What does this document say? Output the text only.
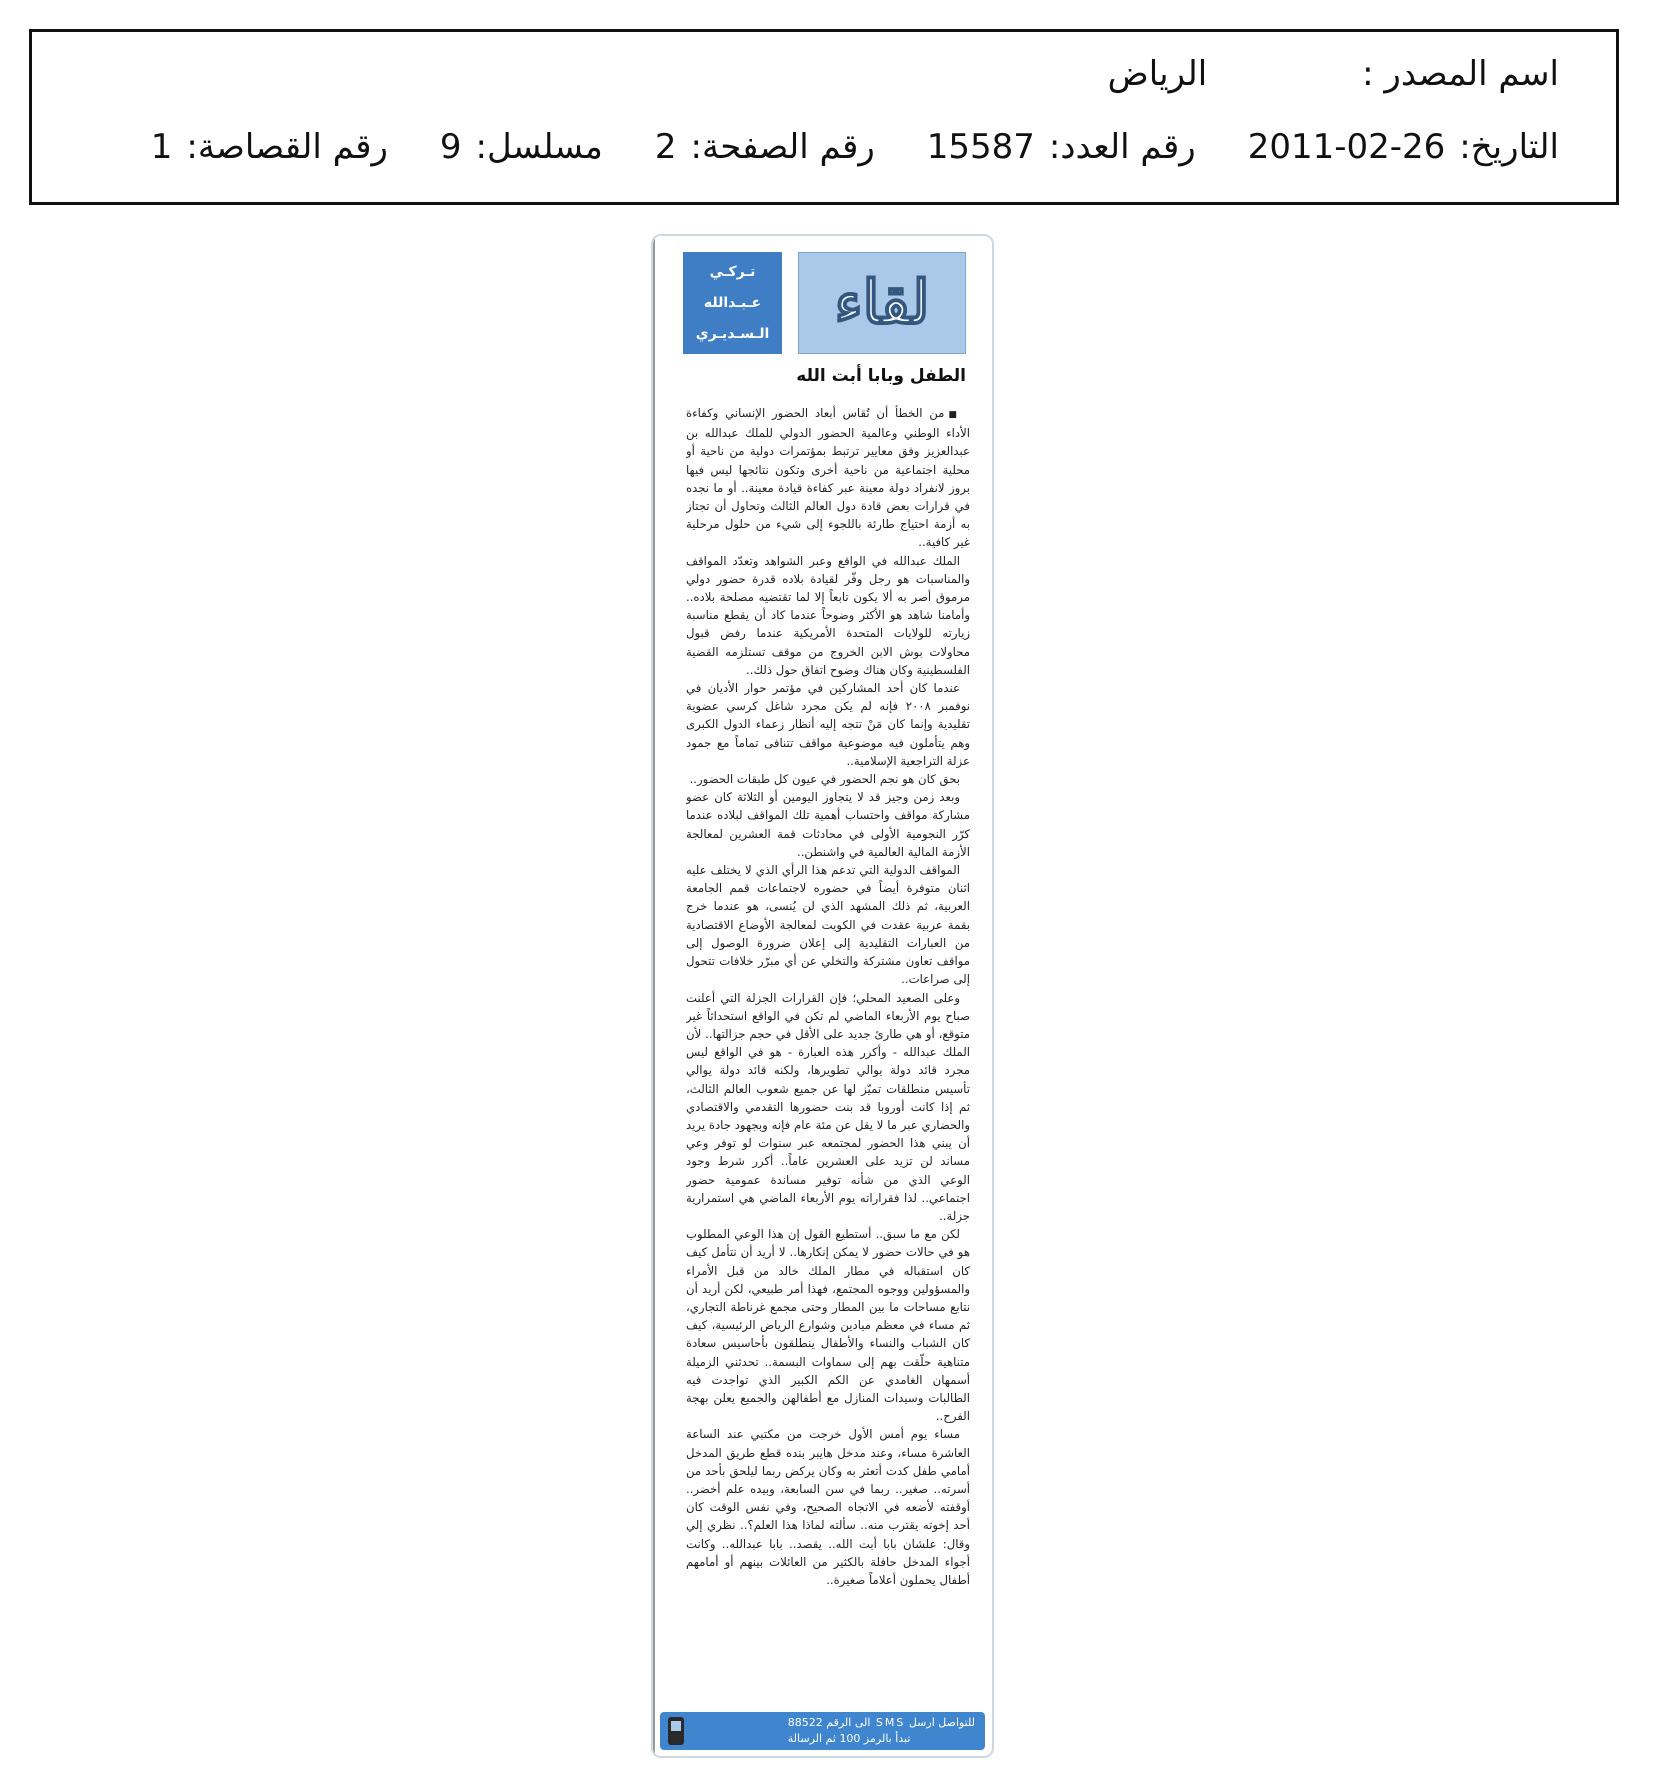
اسم المصدر :
الرياض
التاريخ:
2011-02-26
رقم العدد:
15587
رقم الصفحة:
2
مسلسل:
9
رقم القصاصة:
1
لقاء
تـركـي
عـبـدالله
الـسـديـري
الطفل وبابا أبت الله

■من الخطأ أن تُقاس أبعاد الحضور الإنساني وكفاءة الأداء الوطني وعالمية الحضور الدولي للملك عبدالله بن عبدالعزيز وفق معايير ترتبط بمؤتمرات دولية من ناحية أو محلية اجتماعية من ناحية أخرى وتكون نتائجها ليس فيها بروز لانفراد دولة معينة عبر كفاءة قيادة معينة.. أو ما نجده في قرارات بعض قادة دول العالم الثالث وتحاول أن تجتاز به أزمة احتياج طارئة باللجوء إلى شيء من حلول مرحلية غير كافية..

الملك عبدالله في الواقع وعبر الشواهد وتعدّد المواقف والمناسبات هو رجل وفّر لقيادة بلاده قدرة حضور دولي مرموق أصر به ألا يكون تابعاً إلا لما تقتضيه مصلحة بلاده.. وأمامنا شاهد هو الأكثر وضوحاً عندما كاد أن يقطع مناسبة زيارته للولايات المتحدة الأمريكية عندما رفض قبول محاولات بوش الابن الخروج من موقف تستلزمه القضية الفلسطينية وكان هناك وضوح اتفاق حول ذلك..

عندما كان أحد المشاركين في مؤتمر حوار الأديان في نوفمبر ٢٠٠٨ فإنه لم يكن مجرد شاغل كرسي عضوية تقليدية وإنما كان مَنْ تتجه إليه أنظار زعماء الدول الكبرى وهم يتأملون فيه موضوعية مواقف تتنافى تماماً مع جمود عزلة التراجعية الإسلامية..

بحق كان هو نجم الحضور في عيون كل طبقات الحضور..

وبعد زمن وجيز قد لا يتجاوز اليومين أو الثلاثة كان عضو مشاركة مواقف واحتساب أهمية تلك المواقف لبلاده عندما كرّر النجومية الأولى في محادثات قمة العشرين لمعالجة الأزمة المالية العالمية في واشنطن..

المواقف الدولية التي تدعم هذا الرأي الذي لا يختلف عليه اثنان متوفرة أيضاً في حضوره لاجتماعات قمم الجامعة العربية، ثم ذلك المشهد الذي لن يُنسى، هو عندما خرج بقمة عربية عقدت في الكويت لمعالجة الأوضاع الاقتصادية من العبارات التقليدية إلى إعلان ضرورة الوصول إلى مواقف تعاون مشتركة والتخلي عن أي مبرّر خلافات تتحول إلى صراعات..

وعلى الصعيد المحلي؛ فإن القرارات الجزلة التي أعلنت صباح يوم الأربعاء الماضي لم تكن في الواقع استحداثاً غير متوقع، أو هي طارئ جديد على الأقل في حجم جزالتها.. لأن الملك عبدالله - وأكرر هذه العبارة - هو في الواقع ليس مجرد قائد دولة يوالي تطويرها، ولكنه قائد دولة يوالي تأسيس منطلقات تميّز لها عن جميع شعوب العالم الثالث، ثم إذا كانت أوروبا قد بنت حضورها التقدمي والاقتصادي والحضاري عبر ما لا يقل عن مئة عام فإنه وبجهود جادة يريد أن يبني هذا الحضور لمجتمعه عبر سنوات لو توفر وعي مساند لن تزيد على العشرين عاماً.. أكرر شرط وجود الوعي الذي من شأنه توفير مساندة عمومية حضور اجتماعي.. لذا فقراراته يوم الأربعاء الماضي هي استمرارية جزلة..

لكن مع ما سبق.. أستطيع القول إن هذا الوعي المطلوب هو في حالات حضور لا يمكن إنكارها.. لا أريد أن نتأمل كيف كان استقباله في مطار الملك خالد من قبل الأمراء والمسؤولين ووجوه المجتمع، فهذا أمر طبيعي، لكن أريد أن نتابع مساحات ما بين المطار وحتى مجمع غرناطة التجاري، ثم مساء في معظم ميادين وشوارع الرياض الرئيسية، كيف كان الشباب والنساء والأطفال ينطلقون بأحاسيس سعادة متناهية حلّقت بهم إلى سماوات البسمة.. تحدثني الزميلة أسمهان الغامدي عن الكم الكبير الذي تواجدت فيه الطالبات وسيدات المنازل مع أطفالهن والجميع يعلن بهجة الفرح..

مساء يوم أمس الأول خرجت من مكتبي عند الساعة العاشرة مساء، وعند مدخل هايبر بنده قطع طريق المدخل أمامي طفل كدت أتعثر به وكان يركض ربما ليلحق بأحد من أسرته.. صغير.. ربما في سن السابعة، وبيده علم أخضر.. أوقفته لأضعه في الاتجاه الصحيح، وفي نفس الوقت كان أحد إخوته يقترب منه.. سألته لماذا هذا العلم؟.. نظري إلي وقال: علشان بابا أبت الله.. يقصد.. بابا عبدالله.. وكانت أجواء المدخل حافلة بالكثير من العائلات بينهم أو أمامهم أطفال يحملون أعلاماً صغيرة..

للتواصل ارسل SMS الى الرقم 88522
تبدأ بالرمز 100 ثم الرسالة
